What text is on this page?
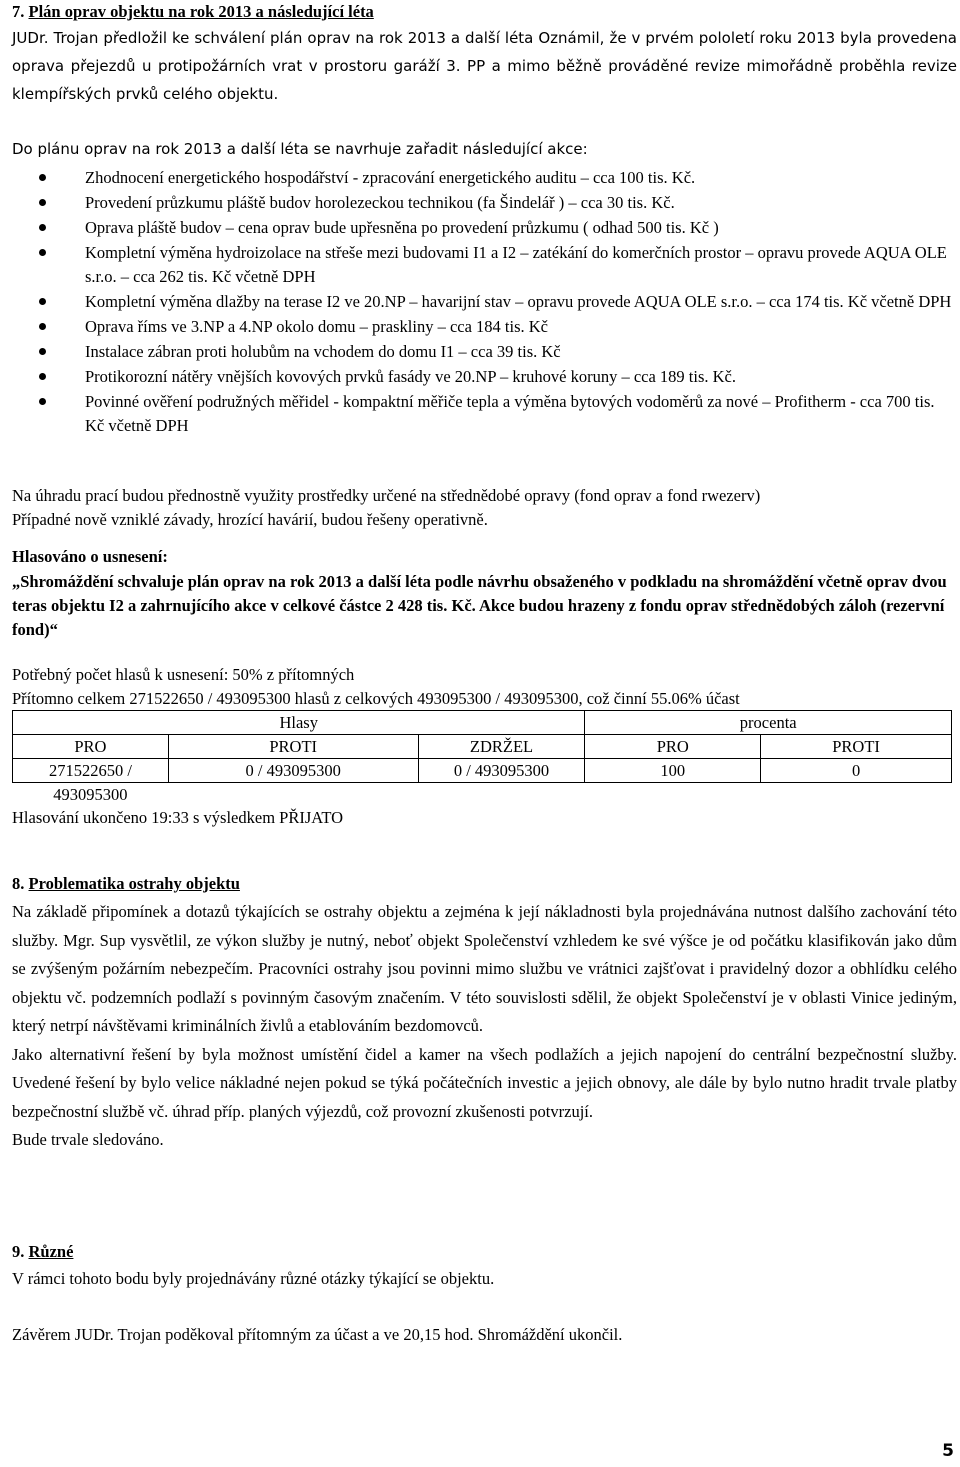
7. Plán oprav objektu na rok 2013 a následující léta
JUDr. Trojan předložil ke schválení plán oprav na rok 2013 a další léta Oznámil, že v prvém pololetí roku 2013 byla provedena oprava přejezdů u protipožárních vrat v prostoru garáží 3. PP a mimo běžně prováděné revize mimořádně proběhla revize klempířských prvků celého objektu.
Do plánu oprav na rok 2013 a další léta se navrhuje zařadit následující akce:
Zhodnocení energetického hospodářství - zpracování energetického auditu – cca 100 tis. Kč.
Provedení průzkumu pláště budov horolezeckou technikou (fa Šindelář ) – cca 30 tis. Kč.
Oprava pláště budov – cena oprav bude upřesněna po provedení průzkumu ( odhad 500 tis. Kč )
Kompletní výměna hydroizolace na střeše mezi budovami I1 a I2 – zatékání do komerčních prostor – opravu provede AQUA OLE s.r.o. – cca 262 tis. Kč včetně DPH
Kompletní výměna dlažby na terase I2 ve 20.NP – havarijní stav – opravu provede AQUA OLE s.r.o. – cca 174 tis. Kč včetně DPH
Oprava říms ve 3.NP a 4.NP okolo domu – praskliny – cca 184 tis. Kč
Instalace zábran proti holubům na vchodem do domu I1 – cca 39 tis. Kč
Protikorozní nátěry vnějších kovových prvků fasády ve 20.NP – kruhové koruny – cca 189 tis. Kč.
Povinné ověření podružných měřidel - kompaktní měřiče tepla a výměna bytových vodoměrů za nové – Profitherm - cca 700 tis. Kč včetně DPH
Na úhradu prací budou přednostně využity prostředky určené na střednědobé opravy (fond oprav a fond rwezerv)
Případné nově vzniklé závady, hrozící havárií, budou řešeny operativně.
Hlasováno o usnesení:
„Shromáždění schvaluje plán oprav na rok 2013 a další léta podle návrhu obsaženého v podkladu na shromáždění včetně oprav dvou teras objektu I2 a zahrnujícího akce v celkové částce 2 428 tis. Kč. Akce budou hrazeny z fondu oprav střednědobých záloh (rezervní fond)“
Potřebný počet hlasů k usnesení: 50% z přítomných
Přítomno celkem 271522650 / 493095300 hlasů z celkových 493095300 / 493095300, což činní 55.06% účast
Hlasy			procenta	
PRO	PROTI	ZDRŽEL	PRO	PROTI
271522650 /	0 / 493095300	0 / 493095300	100	0
493095300				
Hlasování ukončeno 19:33 s výsledkem PŘIJATO
8. Problematika ostrahy objektu
Na základě připomínek a dotazů týkajících se ostrahy objektu a zejména k její nákladnosti byla projednávána nutnost dalšího zachování této služby. Mgr. Sup vysvětlil, ze výkon služby je nutný, neboť objekt Společenství vzhledem ke své výšce je od počátku klasifikován jako dům se zvýšeným požárním nebezpečím. Pracovníci ostrahy jsou povinni mimo službu ve vrátnici zajšťovat i pravidelný dozor a obhlídku celého objektu vč. podzemních podlaží s povinným časovým značením. V této souvislosti sdělil, že objekt Společenství je v oblasti Vinice jediným, který netrpí návštěvami kriminálních živlů a etablováním bezdomovců.
Jako alternativní řešení by byla možnost umístění čidel a kamer na všech podlažích a jejich napojení do centrální bezpečnostní služby. Uvedené řešení by bylo velice nákladné nejen pokud se týká počátečních investic a jejich obnovy, ale dále by bylo nutno hradit trvale platby bezpečnostní službě vč. úhrad příp. planých výjezdů, což provozní zkušenosti potvrzují.
Bude trvale sledováno.
9. Různé
V rámci tohoto bodu byly projednávány různé otázky týkající se objektu.
Závěrem JUDr. Trojan poděkoval přítomným za účast a ve 20,15 hod. Shromáždění ukončil.
5
